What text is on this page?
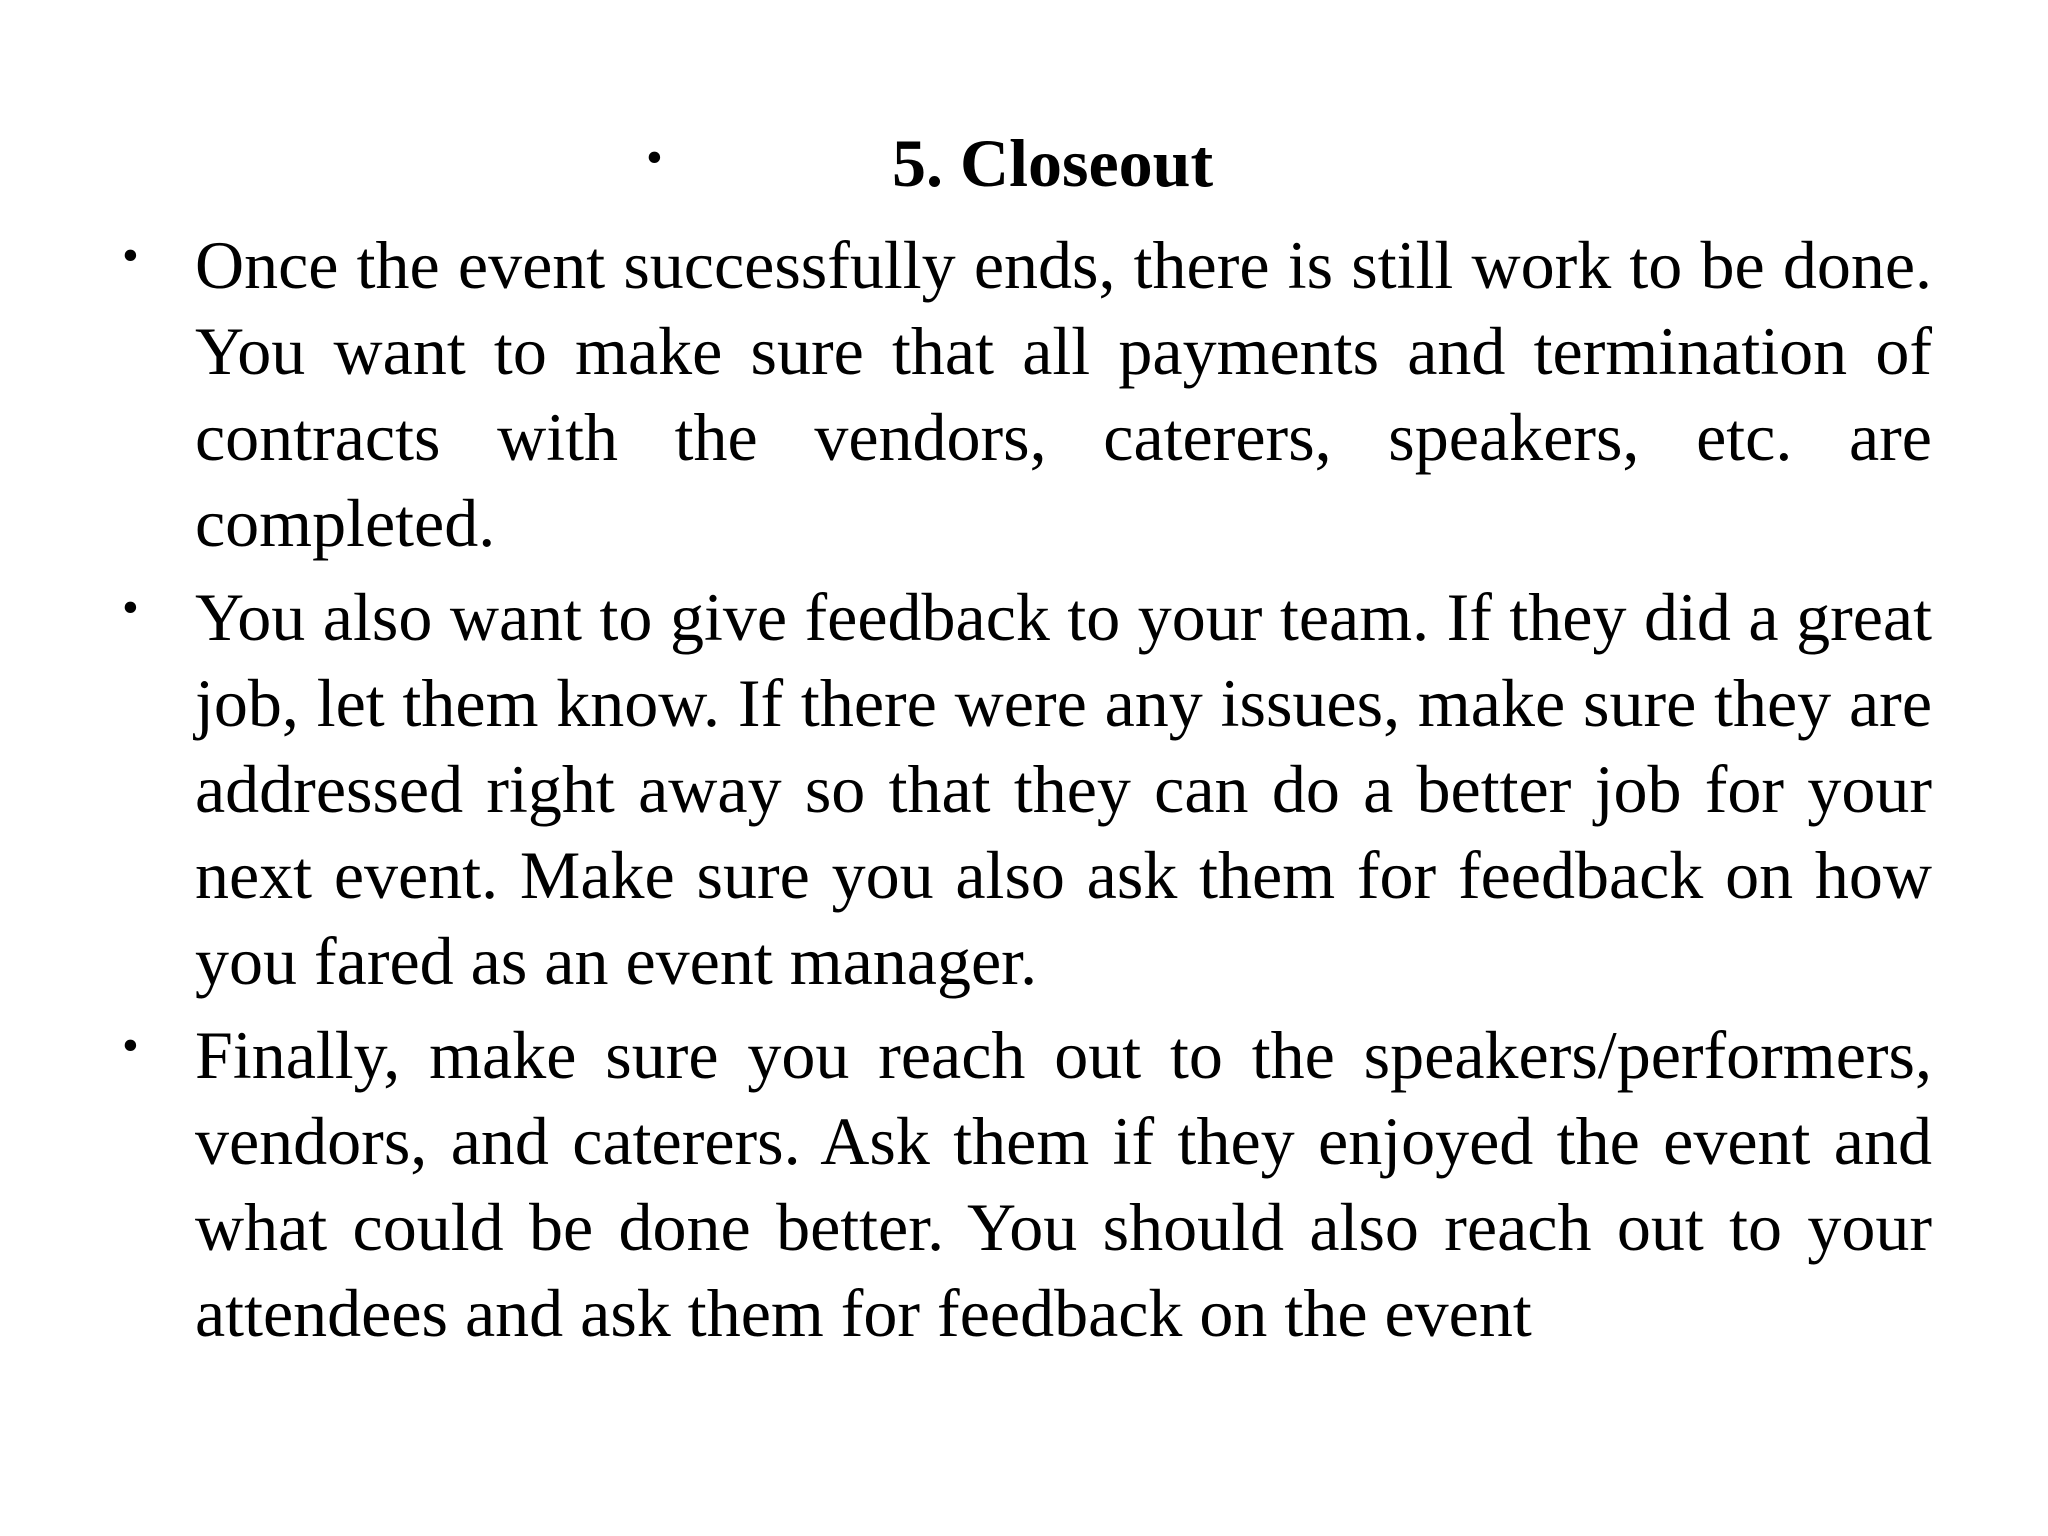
•	5. Closeout
• Once the event successfully ends, there is still work to be done. You want to make sure that all payments and termination of contracts with the vendors, caterers, speakers, etc. are completed.
• You also want to give feedback to your team. If they did a great job, let them know. If there were any issues, make sure they are addressed right away so that they can do a better job for your next event. Make sure you also ask them for feedback on how you fared as an event manager.
• Finally, make sure you reach out to the speakers/performers, vendors, and caterers. Ask them if they enjoyed the event and what could be done better. You should also reach out to your attendees and ask them for feedback on the event
